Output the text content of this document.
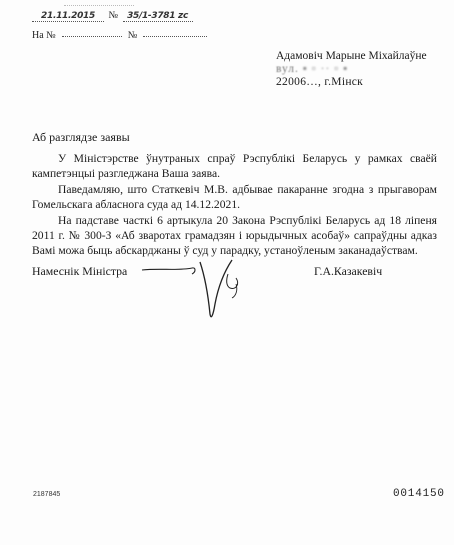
21.11.2015 № 35/1-3781 zc
На №	№
Адамовіч Марыне Міхайлаўне
вул. ▪ ▫ ·· ▫ ▪
22006…, г.Мінск
Аб разглядзе заявы

У Міністэрстве ўнутраных спраў Рэспублікі Беларусь у рамках сваёй кампетэнцыі разгледжана Ваша заява.

Паведамляю, што Статкевіч М.В. адбывае пакаранне згодна з прыгаворам Гомельскага абласнога суда ад 14.12.2021.

На падставе часткі 6 артыкула 20 Закона Рэспублікі Беларусь ад 18 ліпеня 2011 г. № 300-З «Аб зваротах грамадзян і юрыдычных асобаў» сапраўдны адказ Вамі можа быць абскарджаны ў суд у парадку, устаноўленым заканадаўствам.

Намеснік Міністра	Г.А.Казакевіч
2187845	0014150
